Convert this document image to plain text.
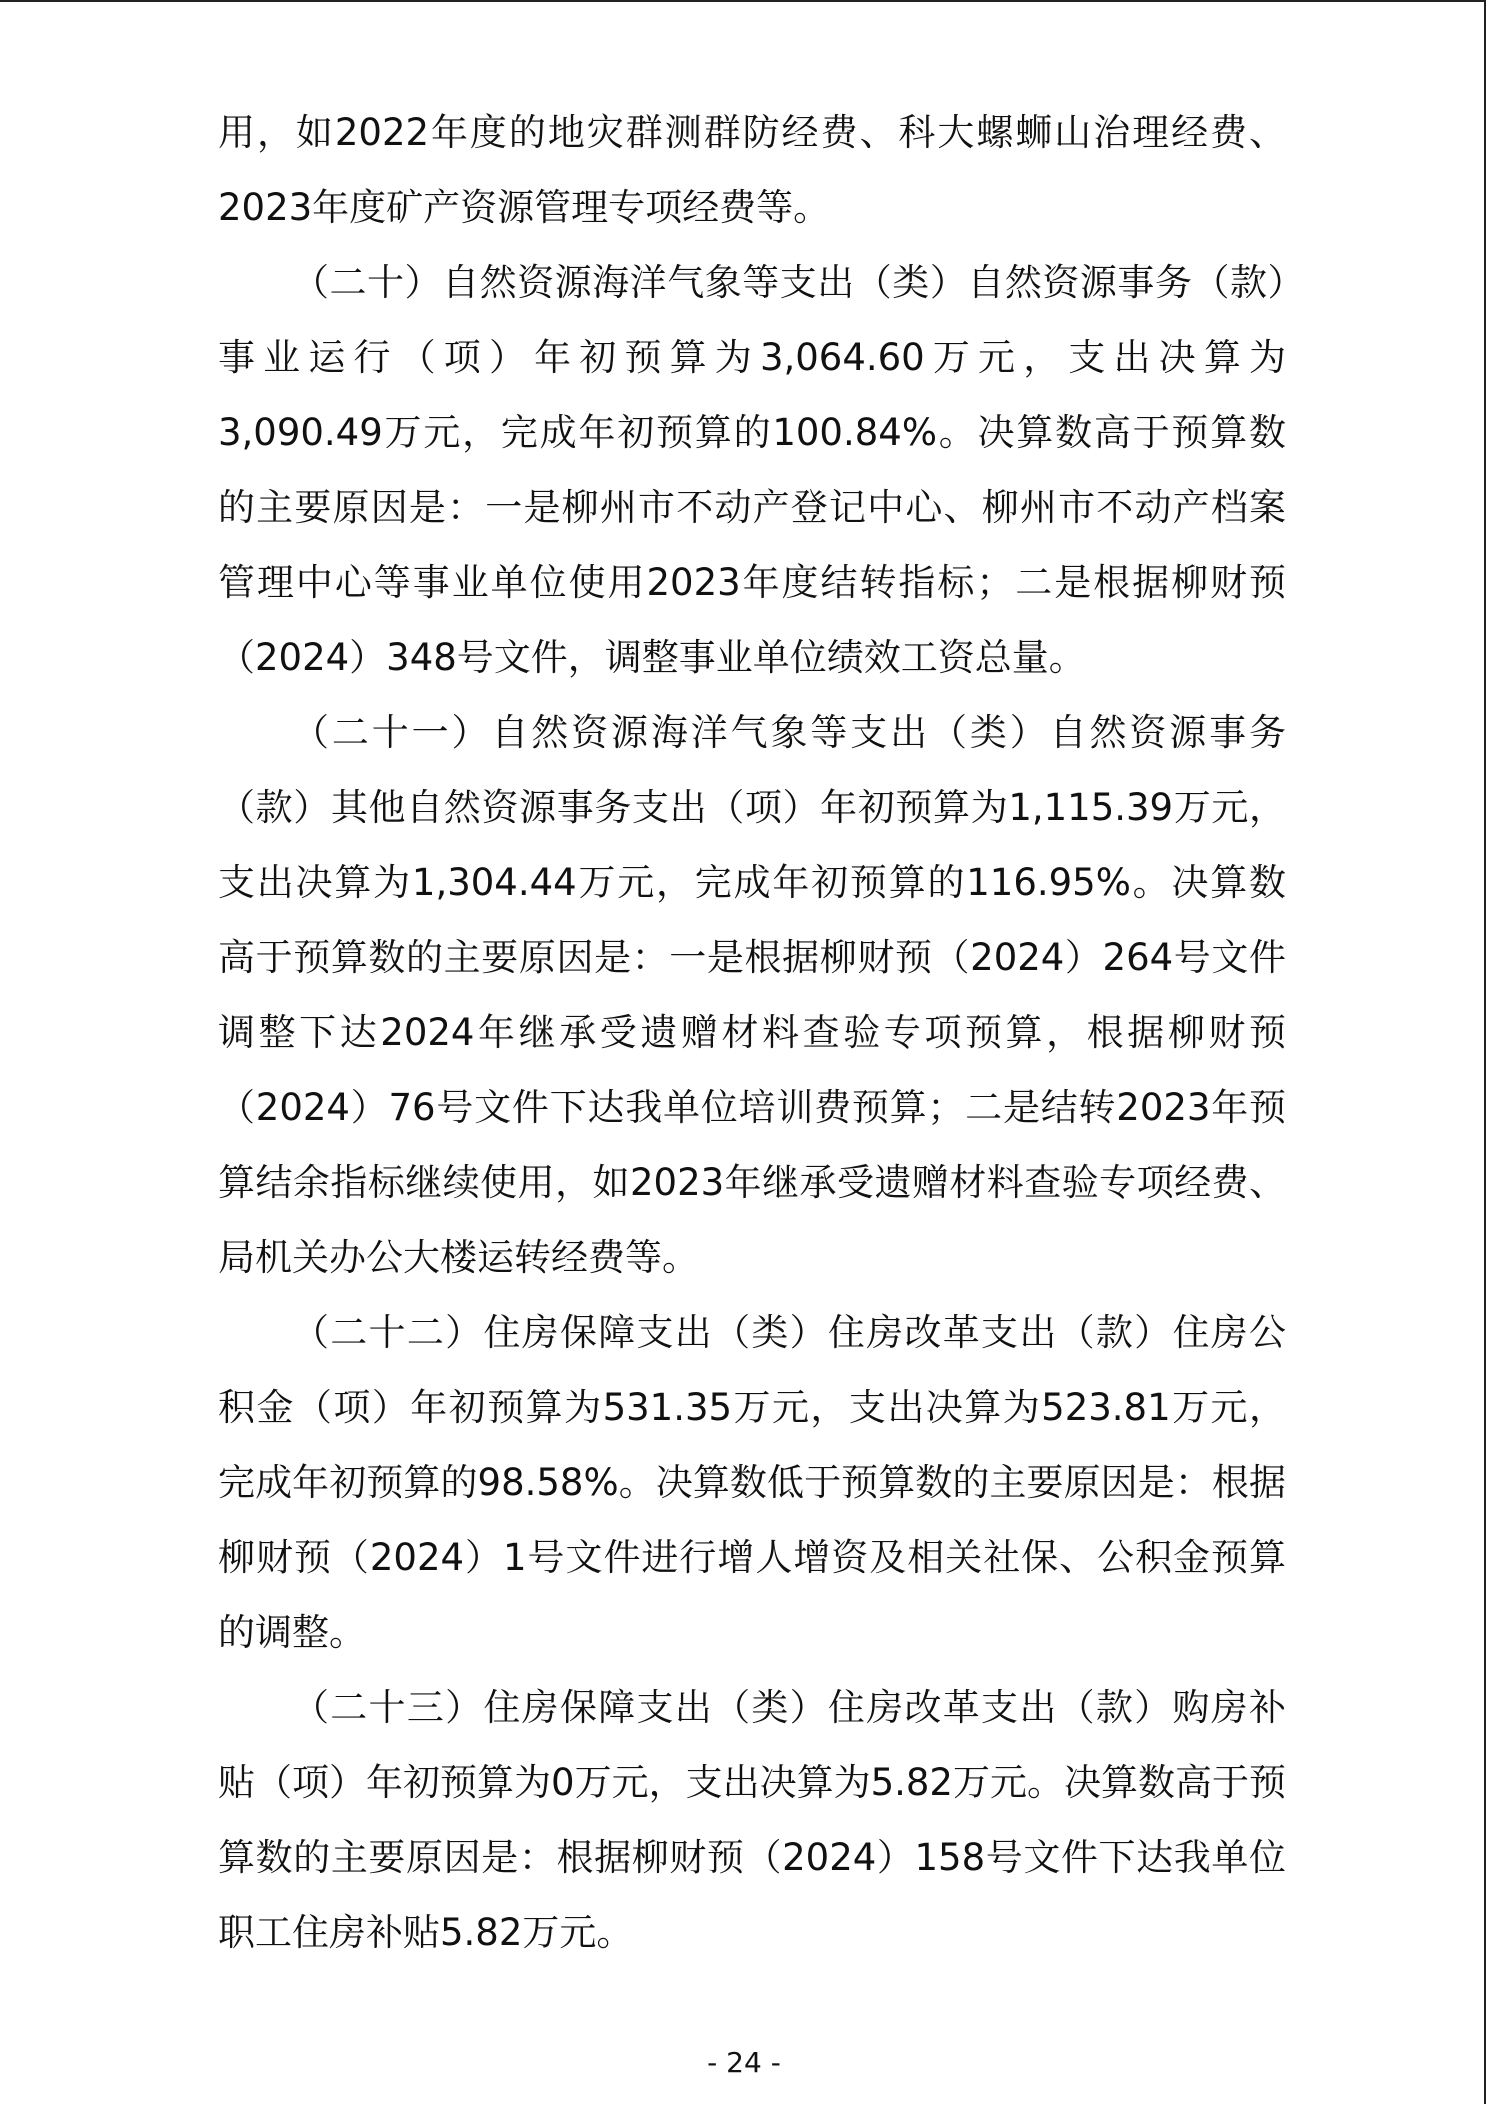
用，如2022年度的地灾群测群防经费、科大螺蛳山治理经费、2023年度矿产资源管理专项经费等。

（二十）自然资源海洋气象等支出（类）自然资源事务（款）事业运行（项）年初预算为3,064.60万元，支出决算为3,090.49万元，完成年初预算的100.84%。决算数高于预算数的主要原因是：一是柳州市不动产登记中心、柳州市不动产档案管理中心等事业单位使用2023年度结转指标；二是根据柳财预（2024）348号文件，调整事业单位绩效工资总量。

（二十一）自然资源海洋气象等支出（类）自然资源事务（款）其他自然资源事务支出（项）年初预算为1,115.39万元，支出决算为1,304.44万元，完成年初预算的116.95%。决算数高于预算数的主要原因是：一是根据柳财预（2024）264号文件调整下达2024年继承受遗赠材料查验专项预算，根据柳财预（2024）76号文件下达我单位培训费预算；二是结转2023年预算结余指标继续使用，如2023年继承受遗赠材料查验专项经费、局机关办公大楼运转经费等。

（二十二）住房保障支出（类）住房改革支出（款）住房公积金（项）年初预算为531.35万元，支出决算为523.81万元，完成年初预算的98.58%。决算数低于预算数的主要原因是：根据柳财预（2024）1号文件进行增人增资及相关社保、公积金预算的调整。

（二十三）住房保障支出（类）住房改革支出（款）购房补贴（项）年初预算为0万元，支出决算为5.82万元。决算数高于预算数的主要原因是：根据柳财预（2024）158号文件下达我单位职工住房补贴5.82万元。

- 24 -
